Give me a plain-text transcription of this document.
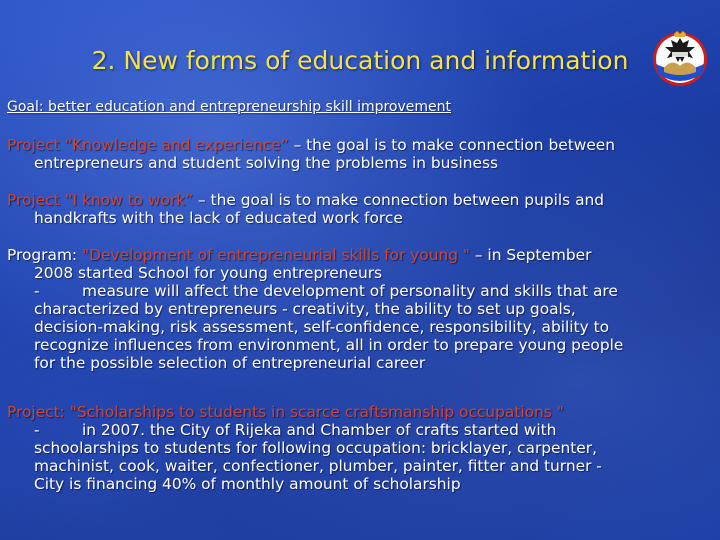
2. New forms of education and information
Goal: better education and entrepreneurship skill improvement
Project “Knowledge and experience” – the goal is to make connection between
entrepreneurs and student solving the problems in business
Project “I know to work” – the goal is to make connection between pupils and
handkrafts with the lack of educated work force
Program: "Development of entrepreneurial skills for young " – in September
2008 started School for young entrepreneurs
-	measure will affect the development of personality and skills that are
characterized by entrepreneurs - creativity, the ability to set up goals,
decision-making, risk assessment, self-confidence, responsibility, ability to
recognize influences from environment, all in order to prepare young people
for the possible selection of entrepreneurial career
Project: "Scholarships to students in scarce craftsmanship occupations "
-	in 2007. the City of Rijeka and Chamber of crafts started with
schoolarships to students for following occupation: bricklayer, carpenter,
machinist, cook, waiter, confectioner, plumber, painter, fitter and turner -
City is financing 40% of monthly amount of scholarship
